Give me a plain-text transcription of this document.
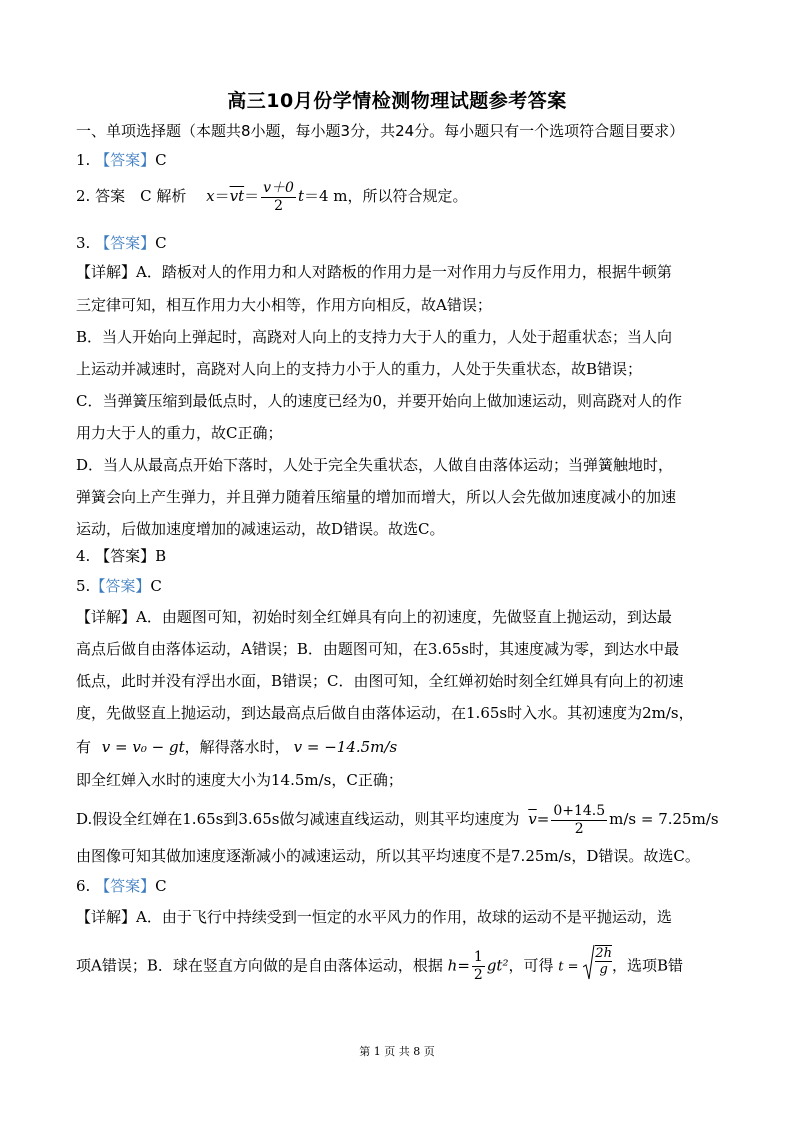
高三10月份学情检测物理试题参考答案
一、单项选择题（本题共8小题，每小题3分，共24分。每小题只有一个选项符合题目要求）
1. 【答案】C
2. 答案　C 解析　 $x=\overline{vt}= \frac{v+0}{2} t=4$ m，所以符合规定。
3. 【答案】C
【详解】A．踏板对人的作用力和人对踏板的作用力是一对作用力与反作用力，根据牛顿第
三定律可知，相互作用力大小相等，作用方向相反，故A错误；
B．当人开始向上弹起时，高跷对人向上的支持力大于人的重力，人处于超重状态；当人向
上运动并减速时，高跷对人向上的支持力小于人的重力，人处于失重状态，故B错误；
C．当弹簧压缩到最低点时，人的速度已经为0，并要开始向上做加速运动，则高跷对人的作
用力大于人的重力，故C正确；
D．当人从最高点开始下落时，人处于完全失重状态，人做自由落体运动；当弹簧触地时，
弹簧会向上产生弹力，并且弹力随着压缩量的增加而增大，所以人会先做加速度减小的加速
运动，后做加速度增加的减速运动，故D错误。故选C。
4. 【答案】B
5.【答案】C
【详解】A．由题图可知，初始时刻全红婵具有向上的初速度，先做竖直上抛运动，到达最
高点后做自由落体运动，A错误；B．由题图可知，在3.65s时，其速度减为零，到达水中最
低点，此时并没有浮出水面，B错误；C．由图可知，全红婵初始时刻全红婵具有向上的初速
度，先做竖直上抛运动，到达最高点后做自由落体运动，在1.65s时入水。其初速度为2m/s，
有 v = v₀ − gt，解得落水时， v = −14.5m/s
即全红婵入水时的速度大小为14.5m/s，C正确；
D.假设全红婵在1.65s到3.65s做匀减速直线运动，则其平均速度为 $\overline{v}= \frac{0+14.5}{2} m/s = 7.25m/s$
由图像可知其做加速度逐渐减小的减速运动，所以其平均速度不是7.25m/s，D错误。故选C。
6. 【答案】C
【详解】A．由于飞行中持续受到一恒定的水平风力的作用，故球的运动不是平抛运动，选
项A错误；B．球在竖直方向做的是自由落体运动，根据 $h= \frac{1}{2} gt^2$，可得 $t = \frac{2h}{g}$ ，选项B错
第 1 页 共 8 页
